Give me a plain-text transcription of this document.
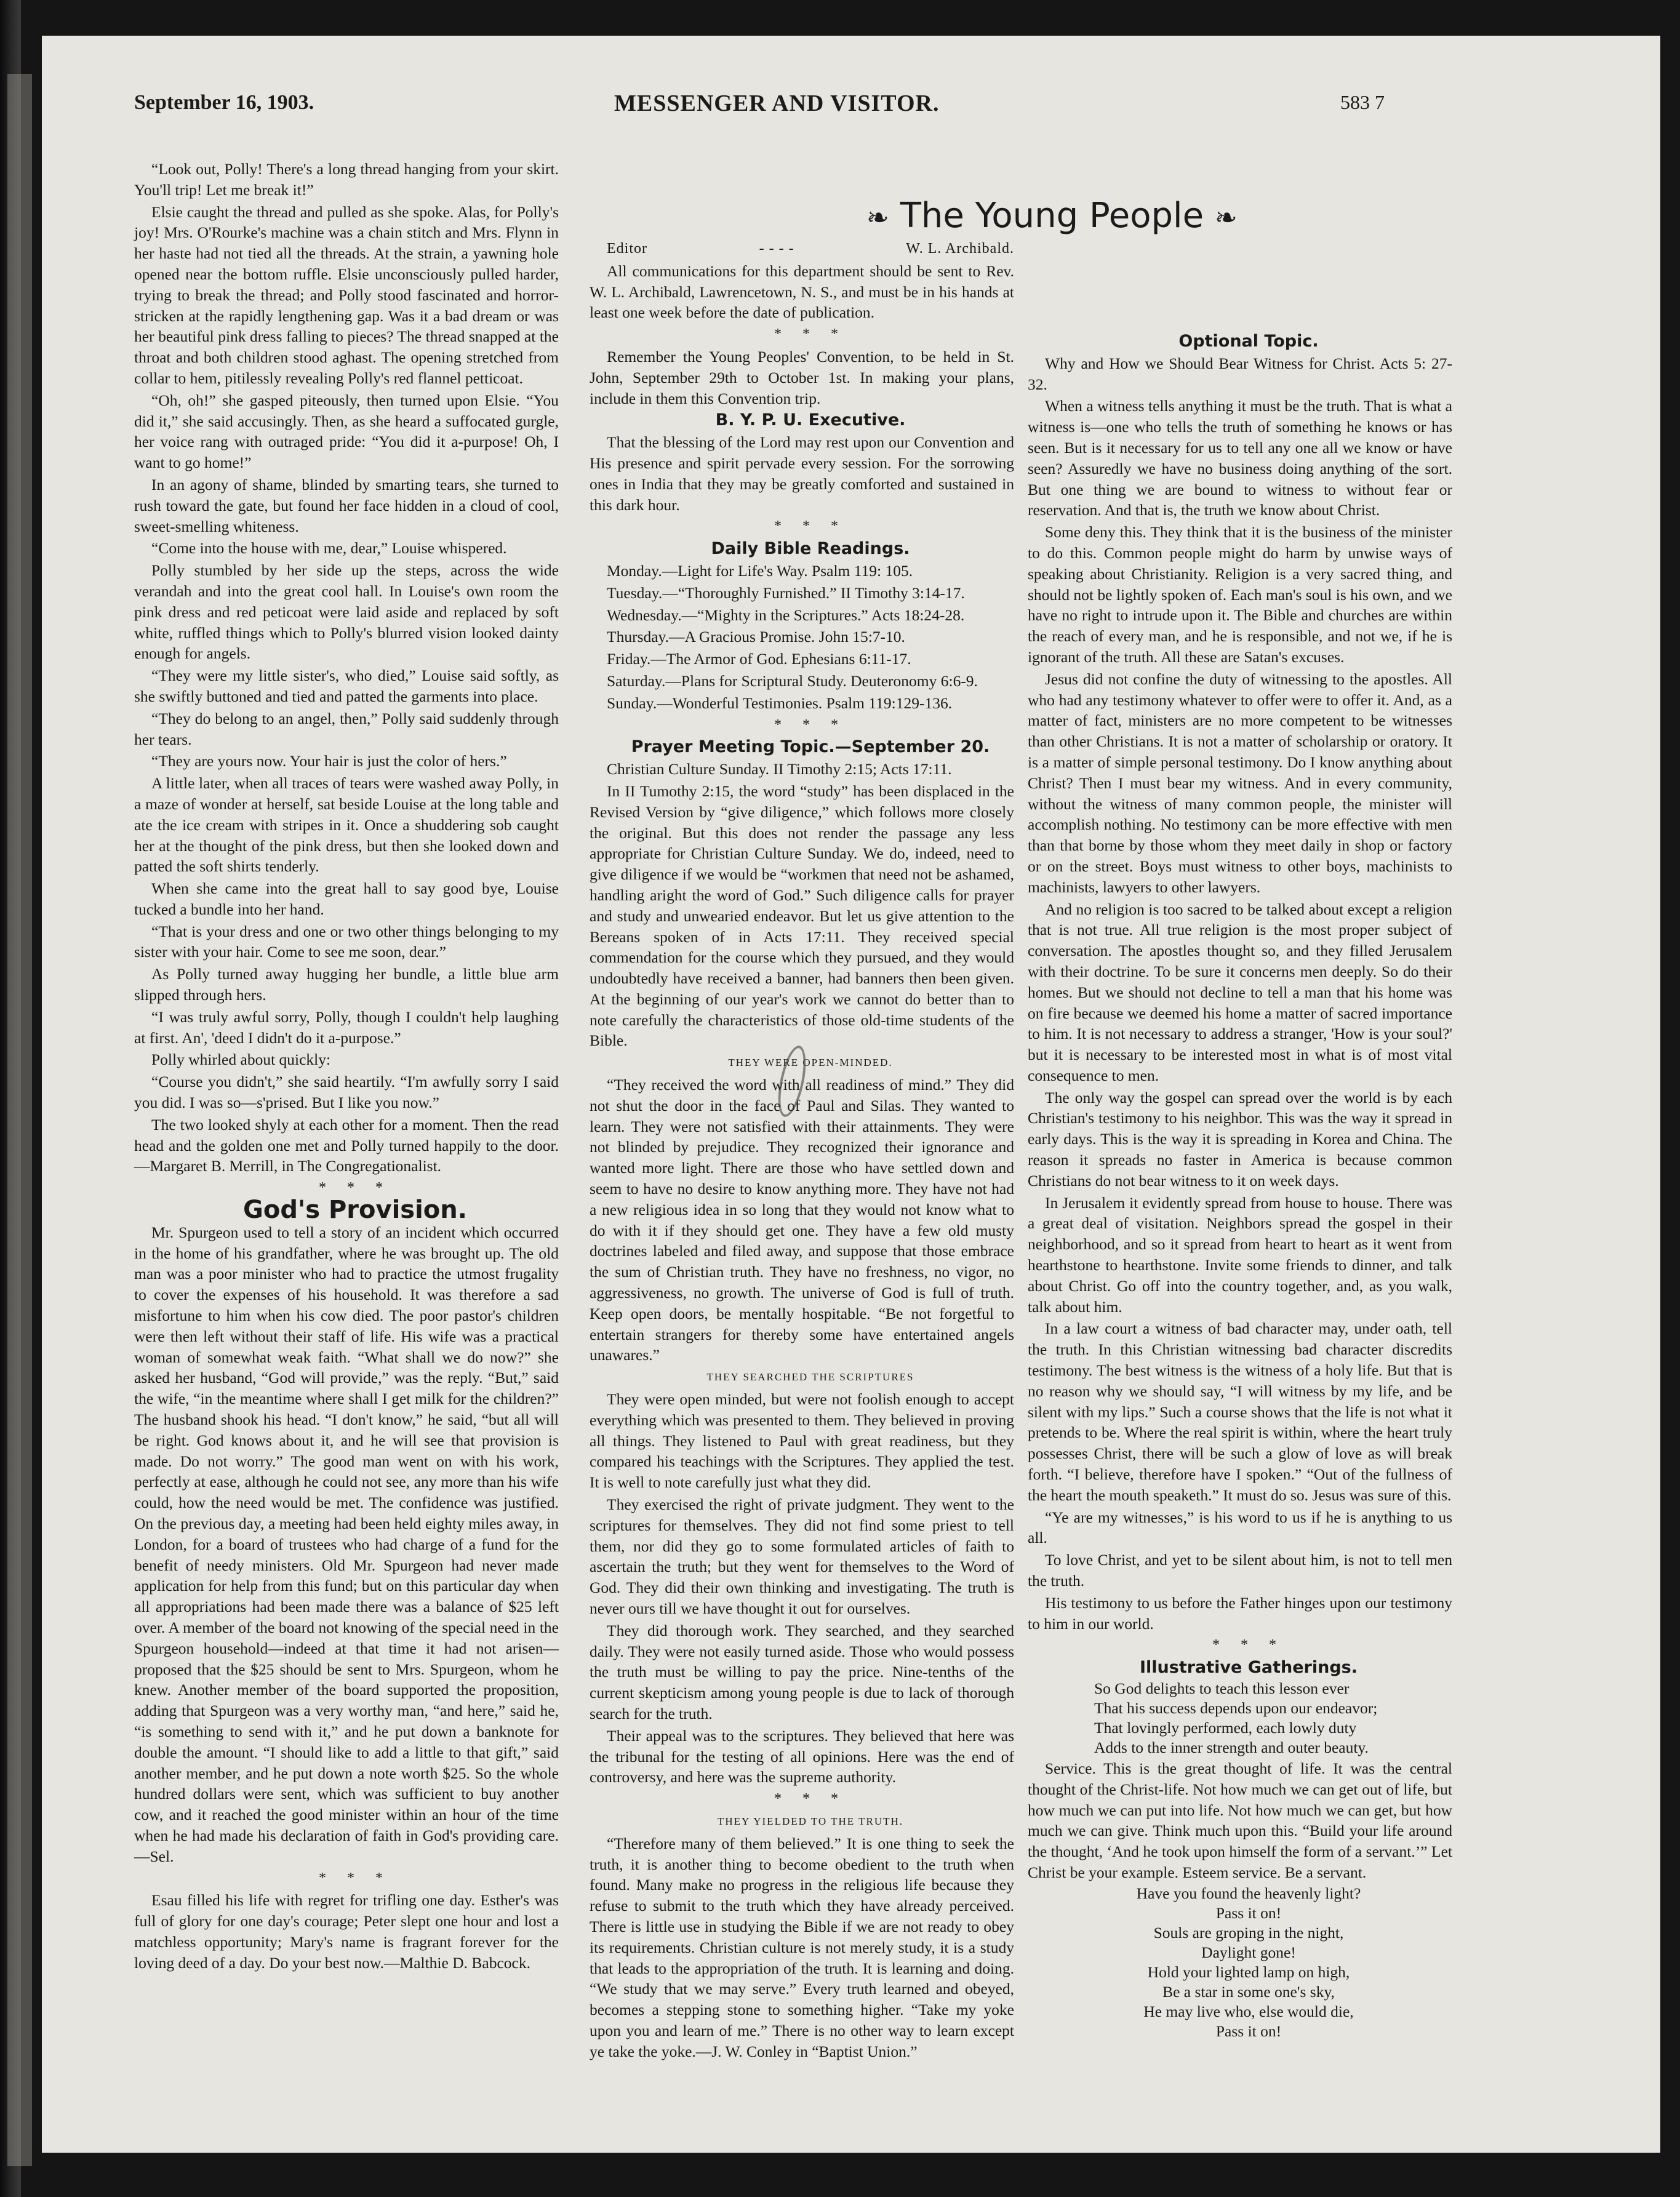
September 16, 1903.	MESSENGER AND VISITOR.	583 7

“Look out, Polly! There's a long thread hanging from your skirt. You'll trip! Let me break it!”

Elsie caught the thread and pulled as she spoke. Alas, for Polly's joy! Mrs. O'Rourke's machine was a chain stitch and Mrs. Flynn in her haste had not tied all the threads. At the strain, a yawning hole opened near the bottom ruffle. Elsie unconsciously pulled harder, trying to break the thread; and Polly stood fascinated and horror-stricken at the rapidly lengthening gap. Was it a bad dream or was her beautiful pink dress falling to pieces? The thread snapped at the throat and both children stood aghast. The opening stretched from collar to hem, pitilessly revealing Polly's red flannel petticoat.

“Oh, oh!” she gasped piteously, then turned upon Elsie. “You did it,” she said accusingly. Then, as she heard a suffocated gurgle, her voice rang with outraged pride: “You did it a-purpose! Oh, I want to go home!”

In an agony of shame, blinded by smarting tears, she turned to rush toward the gate, but found her face hidden in a cloud of cool, sweet-smelling whiteness.

“Come into the house with me, dear,” Louise whispered.

Polly stumbled by her side up the steps, across the wide verandah and into the great cool hall. In Louise's own room the pink dress and red peticoat were laid aside and replaced by soft white, ruffled things which to Polly's blurred vision looked dainty enough for angels.

“They were my little sister's, who died,” Louise said softly, as she swiftly buttoned and tied and patted the garments into place.

“They do belong to an angel, then,” Polly said suddenly through her tears.

“They are yours now. Your hair is just the color of hers.”

A little later, when all traces of tears were washed away Polly, in a maze of wonder at herself, sat beside Louise at the long table and ate the ice cream with stripes in it. Once a shuddering sob caught her at the thought of the pink dress, but then she looked down and patted the soft shirts tenderly.

When she came into the great hall to say good bye, Louise tucked a bundle into her hand.

“That is your dress and one or two other things belonging to my sister with your hair. Come to see me soon, dear.”

As Polly turned away hugging her bundle, a little blue arm slipped through hers.

“I was truly awful sorry, Polly, though I couldn't help laughing at first. An', 'deed I didn't do it a-purpose.”

Polly whirled about quickly:

“Course you didn't,” she said heartily. “I'm awfully sorry I said you did. I was so—s'prised. But I like you now.”

The two looked shyly at each other for a moment. Then the read head and the golden one met and Polly turned happily to the door.—Margaret B. Merrill, in The Congregationalist.

* * *

God's Provision.

Mr. Spurgeon used to tell a story of an incident which occurred in the home of his grandfather, where he was brought up. The old man was a poor minister who had to practice the utmost frugality to cover the expenses of his household. It was therefore a sad misfortune to him when his cow died. The poor pastor's children were then left without their staff of life. His wife was a practical woman of somewhat weak faith. “What shall we do now?” she asked her husband, “God will provide,” was the reply. “But,” said the wife, “in the meantime where shall I get milk for the children?” The husband shook his head. “I don't know,” he said, “but all will be right. God knows about it, and he will see that provision is made. Do not worry.” The good man went on with his work, perfectly at ease, although he could not see, any more than his wife could, how the need would be met. The confidence was justified. On the previous day, a meeting had been held eighty miles away, in London, for a board of trustees who had charge of a fund for the benefit of needy ministers. Old Mr. Spurgeon had never made application for help from this fund; but on this particular day when all appropriations had been made there was a balance of $25 left over. A member of the board not knowing of the special need in the Spurgeon household—indeed at that time it had not arisen—proposed that the $25 should be sent to Mrs. Spurgeon, whom he knew. Another member of the board supported the proposition, adding that Spurgeon was a very worthy man, “and here,” said he, “is something to send with it,” and he put down a banknote for double the amount. “I should like to add a little to that gift,” said another member, and he put down a note worth $25. So the whole hundred dollars were sent, which was sufficient to buy another cow, and it reached the good minister within an hour of the time when he had made his declaration of faith in God's providing care.—Sel.

* * *

Esau filled his life with regret for trifling one day. Esther's was full of glory for one day's courage; Peter slept one hour and lost a matchless opportunity; Mary's name is fragrant forever for the loving deed of a day. Do your best now.—Malthie D. Babcock.

❧ The Young People ❧

Editor	- - - -	W. L. Archibald.

All communications for this department should be sent to Rev. W. L. Archibald, Lawrencetown, N. S., and must be in his hands at least one week before the date of publication.

* * *

Remember the Young Peoples' Convention, to be held in St. John, September 29th to October 1st. In making your plans, include in them this Convention trip.

B. Y. P. U. Executive.

That the blessing of the Lord may rest upon our Convention and His presence and spirit pervade every session. For the sorrowing ones in India that they may be greatly comforted and sustained in this dark hour.

* * *

Daily Bible Readings.

Monday.—Light for Life's Way. Psalm 119: 105.

Tuesday.—“Thoroughly Furnished.” II Timothy 3:14-17.

Wednesday.—“Mighty in the Scriptures.” Acts 18:24-28.

Thursday.—A Gracious Promise. John 15:7-10.

Friday.—The Armor of God. Ephesians 6:11-17.

Saturday.—Plans for Scriptural Study. Deuteronomy 6:6-9.

Sunday.—Wonderful Testimonies. Psalm 119:129-136.

* * *

Prayer Meeting Topic.—September 20.

Christian Culture Sunday. II Timothy 2:15; Acts 17:11.

In II Tumothy 2:15, the word “study” has been displaced in the Revised Version by “give diligence,” which follows more closely the original. But this does not render the passage any less appropriate for Christian Culture Sunday. We do, indeed, need to give diligence if we would be “workmen that need not be ashamed, handling aright the word of God.” Such diligence calls for prayer and study and unwearied endeavor. But let us give attention to the Bereans spoken of in Acts 17:11. They received special commendation for the course which they pursued, and they would undoubtedly have received a banner, had banners then been given. At the beginning of our year's work we cannot do better than to note carefully the characteristics of those old-time students of the Bible.

THEY WERE OPEN-MINDED.

“They received the word with all readiness of mind.” They did not shut the door in the face of Paul and Silas. They wanted to learn. They were not satisfied with their attainments. They were not blinded by prejudice. They recognized their ignorance and wanted more light. There are those who have settled down and seem to have no desire to know anything more. They have not had a new religious idea in so long that they would not know what to do with it if they should get one. They have a few old musty doctrines labeled and filed away, and suppose that those embrace the sum of Christian truth. They have no freshness, no vigor, no aggressiveness, no growth. The universe of God is full of truth. Keep open doors, be mentally hospitable. “Be not forgetful to entertain strangers for thereby some have entertained angels unawares.”

THEY SEARCHED THE SCRIPTURES

They were open minded, but were not foolish enough to accept everything which was presented to them. They believed in proving all things. They listened to Paul with great readiness, but they compared his teachings with the Scriptures. They applied the test. It is well to note carefully just what they did.

They exercised the right of private judgment. They went to the scriptures for themselves. They did not find some priest to tell them, nor did they go to some formulated articles of faith to ascertain the truth; but they went for themselves to the Word of God. They did their own thinking and investigating. The truth is never ours till we have thought it out for ourselves.

They did thorough work. They searched, and they searched daily. They were not easily turned aside. Those who would possess the truth must be willing to pay the price. Nine-tenths of the current skepticism among young people is due to lack of thorough search for the truth.

Their appeal was to the scriptures. They believed that here was the tribunal for the testing of all opinions. Here was the end of controversy, and here was the supreme authority.

* * *

THEY YIELDED TO THE TRUTH.

“Therefore many of them believed.” It is one thing to seek the truth, it is another thing to become obedient to the truth when found. Many make no progress in the religious life because they refuse to submit to the truth which they have already perceived. There is little use in studying the Bible if we are not ready to obey its requirements. Christian culture is not merely study, it is a study that leads to the appropriation of the truth. It is learning and doing. “We study that we may serve.” Every truth learned and obeyed, becomes a stepping stone to something higher. “Take my yoke upon you and learn of me.” There is no other way to learn except ye take the yoke.—J. W. Conley in “Baptist Union.”

Optional Topic.

Why and How we Should Bear Witness for Christ. Acts 5: 27-32.

When a witness tells anything it must be the truth. That is what a witness is—one who tells the truth of something he knows or has seen. But is it necessary for us to tell any one all we know or have seen? Assuredly we have no business doing anything of the sort. But one thing we are bound to witness to without fear or reservation. And that is, the truth we know about Christ.

Some deny this. They think that it is the business of the minister to do this. Common people might do harm by unwise ways of speaking about Christianity. Religion is a very sacred thing, and should not be lightly spoken of. Each man's soul is his own, and we have no right to intrude upon it. The Bible and churches are within the reach of every man, and he is responsible, and not we, if he is ignorant of the truth. All these are Satan's excuses.

Jesus did not confine the duty of witnessing to the apostles. All who had any testimony whatever to offer were to offer it. And, as a matter of fact, ministers are no more competent to be witnesses than other Christians. It is not a matter of scholarship or oratory. It is a matter of simple personal testimony. Do I know anything about Christ? Then I must bear my witness. And in every community, without the witness of many common people, the minister will accomplish nothing. No testimony can be more effective with men than that borne by those whom they meet daily in shop or factory or on the street. Boys must witness to other boys, machinists to machinists, lawyers to other lawyers.

And no religion is too sacred to be talked about except a religion that is not true. All true religion is the most proper subject of conversation. The apostles thought so, and they filled Jerusalem with their doctrine. To be sure it concerns men deeply. So do their homes. But we should not decline to tell a man that his home was on fire because we deemed his home a matter of sacred importance to him. It is not necessary to address a stranger, 'How is your soul?' but it is necessary to be interested most in what is of most vital consequence to men.

The only way the gospel can spread over the world is by each Christian's testimony to his neighbor. This was the way it spread in early days. This is the way it is spreading in Korea and China. The reason it spreads no faster in America is because common Christians do not bear witness to it on week days.

In Jerusalem it evidently spread from house to house. There was a great deal of visitation. Neighbors spread the gospel in their neighborhood, and so it spread from heart to heart as it went from hearthstone to hearthstone. Invite some friends to dinner, and talk about Christ. Go off into the country together, and, as you walk, talk about him.

In a law court a witness of bad character may, under oath, tell the truth. In this Christian witnessing bad character discredits testimony. The best witness is the witness of a holy life. But that is no reason why we should say, “I will witness by my life, and be silent with my lips.” Such a course shows that the life is not what it pretends to be. Where the real spirit is within, where the heart truly possesses Christ, there will be such a glow of love as will break forth. “I believe, therefore have I spoken.” “Out of the fullness of the heart the mouth speaketh.” It must do so. Jesus was sure of this.

“Ye are my witnesses,” is his word to us if he is anything to us all.

To love Christ, and yet to be silent about him, is not to tell men the truth.

His testimony to us before the Father hinges upon our testimony to him in our world.

* * *

Illustrative Gatherings.

So God delights to teach this lesson ever

That his success depends upon our endeavor;

That lovingly performed, each lowly duty

Adds to the inner strength and outer beauty.

Service. This is the great thought of life. It was the central thought of the Christ-life. Not how much we can get out of life, but how much we can put into life. Not how much we can get, but how much we can give. Think much upon this. “Build your life around the thought, ‘And he took upon himself the form of a servant.’” Let Christ be your example. Esteem service. Be a servant.

Have you found the heavenly light?

Pass it on!

Souls are groping in the night,

Daylight gone!

Hold your lighted lamp on high,

Be a star in some one's sky,

He may live who, else would die,

Pass it on!
